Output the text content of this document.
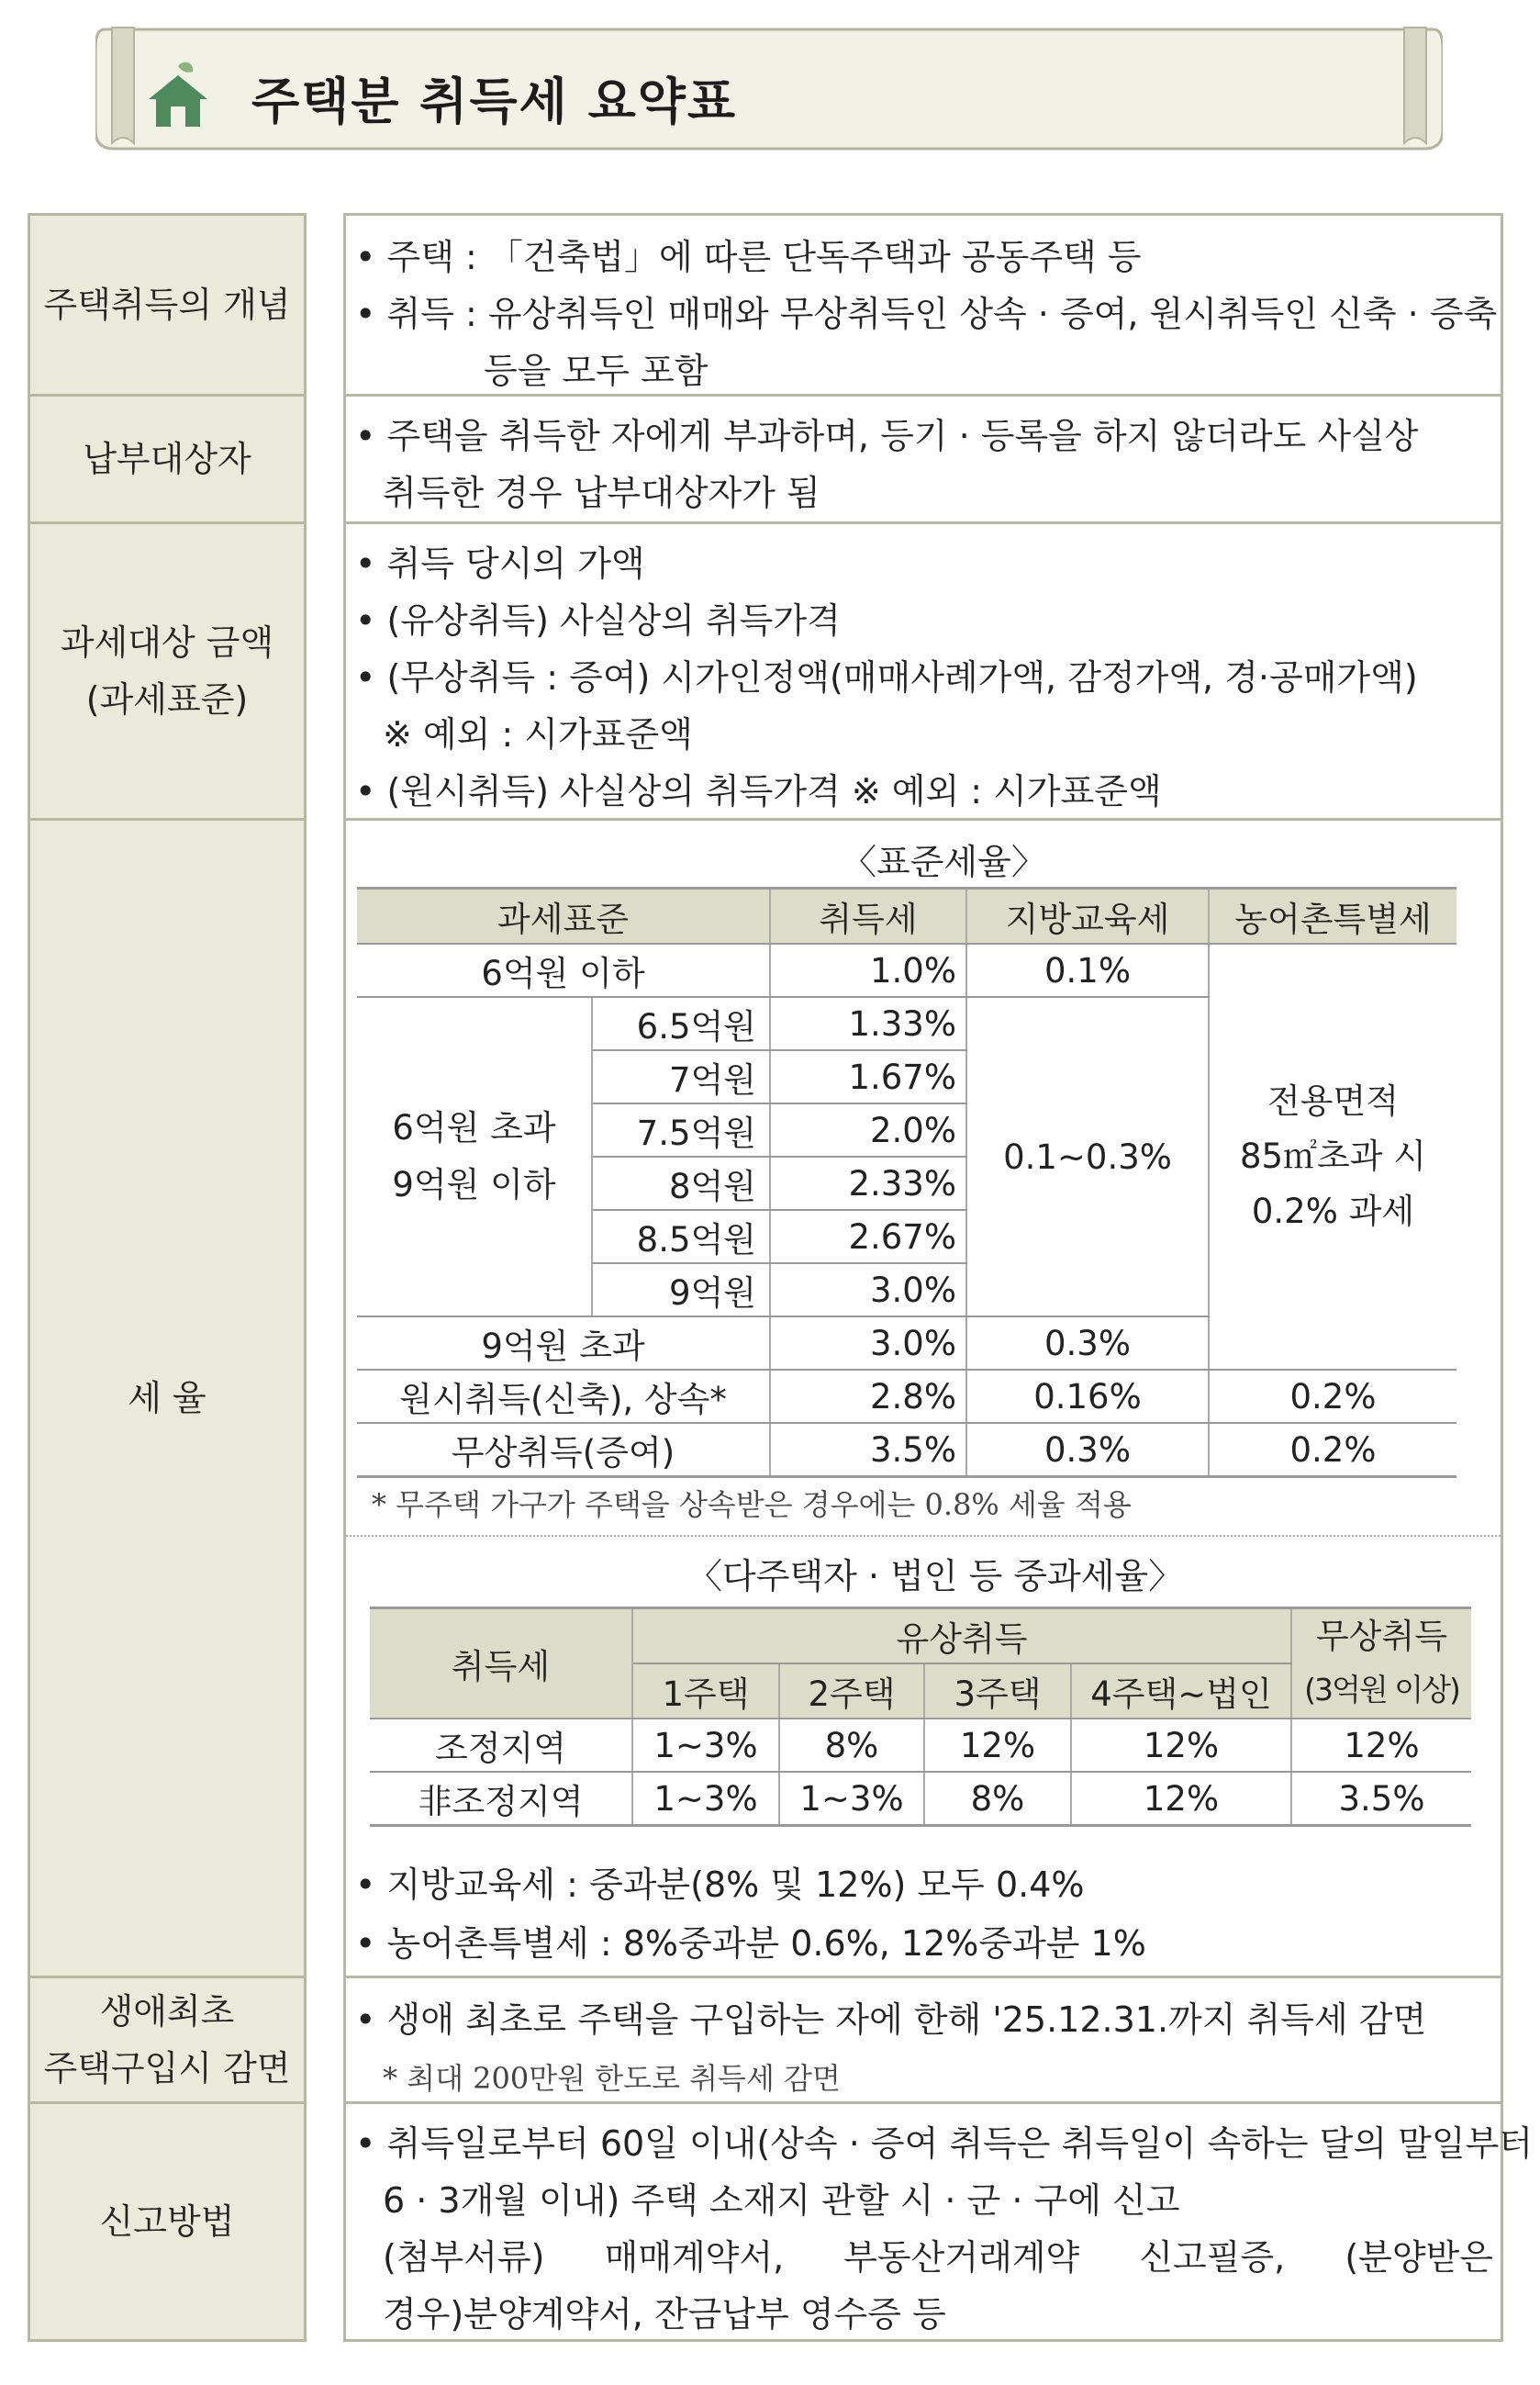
주택분 취득세 요약표
주택취득의 개념
• 주택 : 「건축법」에 따른 단독주택과 공동주택 등
• 취득 : 유상취득인 매매와 무상취득인 상속 · 증여, 원시취득인 신축 · 증축
등을 모두 포함
납부대상자
• 주택을 취득한 자에게 부과하며, 등기 · 등록을 하지 않더라도 사실상
취득한 경우 납부대상자가 됨
과세대상 금액
(과세표준)
• 취득 당시의 가액
• (유상취득) 사실상의 취득가격
• (무상취득 : 증여) 시가인정액(매매사례가액, 감정가액, 경·공매가액)
※ 예외 : 시가표준액
• (원시취득) 사실상의 취득가격 ※ 예외 : 시가표준액
세 율
〈표준세율〉
과세표준		취득세	지방교육세	농어촌특별세
6억원 이하		1.0%	0.1%	전용면적
85㎡초과 시
0.2% 과세

6억원 초과
9억원 이하	6.5억원	1.33%	0.1~0.3%	
	7억원	1.67%		
	7.5억원	2.0%		
	8억원	2.33%		
	8.5억원	2.67%		
	9억원	3.0%		
9억원 초과		3.0%	0.3%	
원시취득(신축), 상속*		2.8%	0.16%	0.2%
무상취득(증여)		3.5%	0.3%	0.2%
* 무주택 가구가 주택을 상속받은 경우에는 0.8% 세율 적용
〈다주택자 · 법인 등 중과세율〉
취득세	유상취득				무상취득
(3억원 이상)

	1주택	2주택	3주택	4주택~법인	
조정지역	1~3%	8%	12%	12%	12%
非조정지역	1~3%	1~3%	8%	12%	3.5%
• 지방교육세 : 중과분(8% 및 12%) 모두 0.4%
• 농어촌특별세 : 8%중과분 0.6%, 12%중과분 1%
생애최초
주택구입시 감면
• 생애 최초로 주택을 구입하는 자에 한해 '25.12.31.까지 취득세 감면
* 최대 200만원 한도로 취득세 감면
신고방법
• 취득일로부터 60일 이내(상속 · 증여 취득은 취득일이 속하는 달의 말일부터
6 · 3개월 이내) 주택 소재지 관할 시 · 군 · 구에 신고
(첨부서류) 매매계약서, 부동산거래계약 신고필증, (분양받은
경우)분양계약서, 잔금납부 영수증 등
